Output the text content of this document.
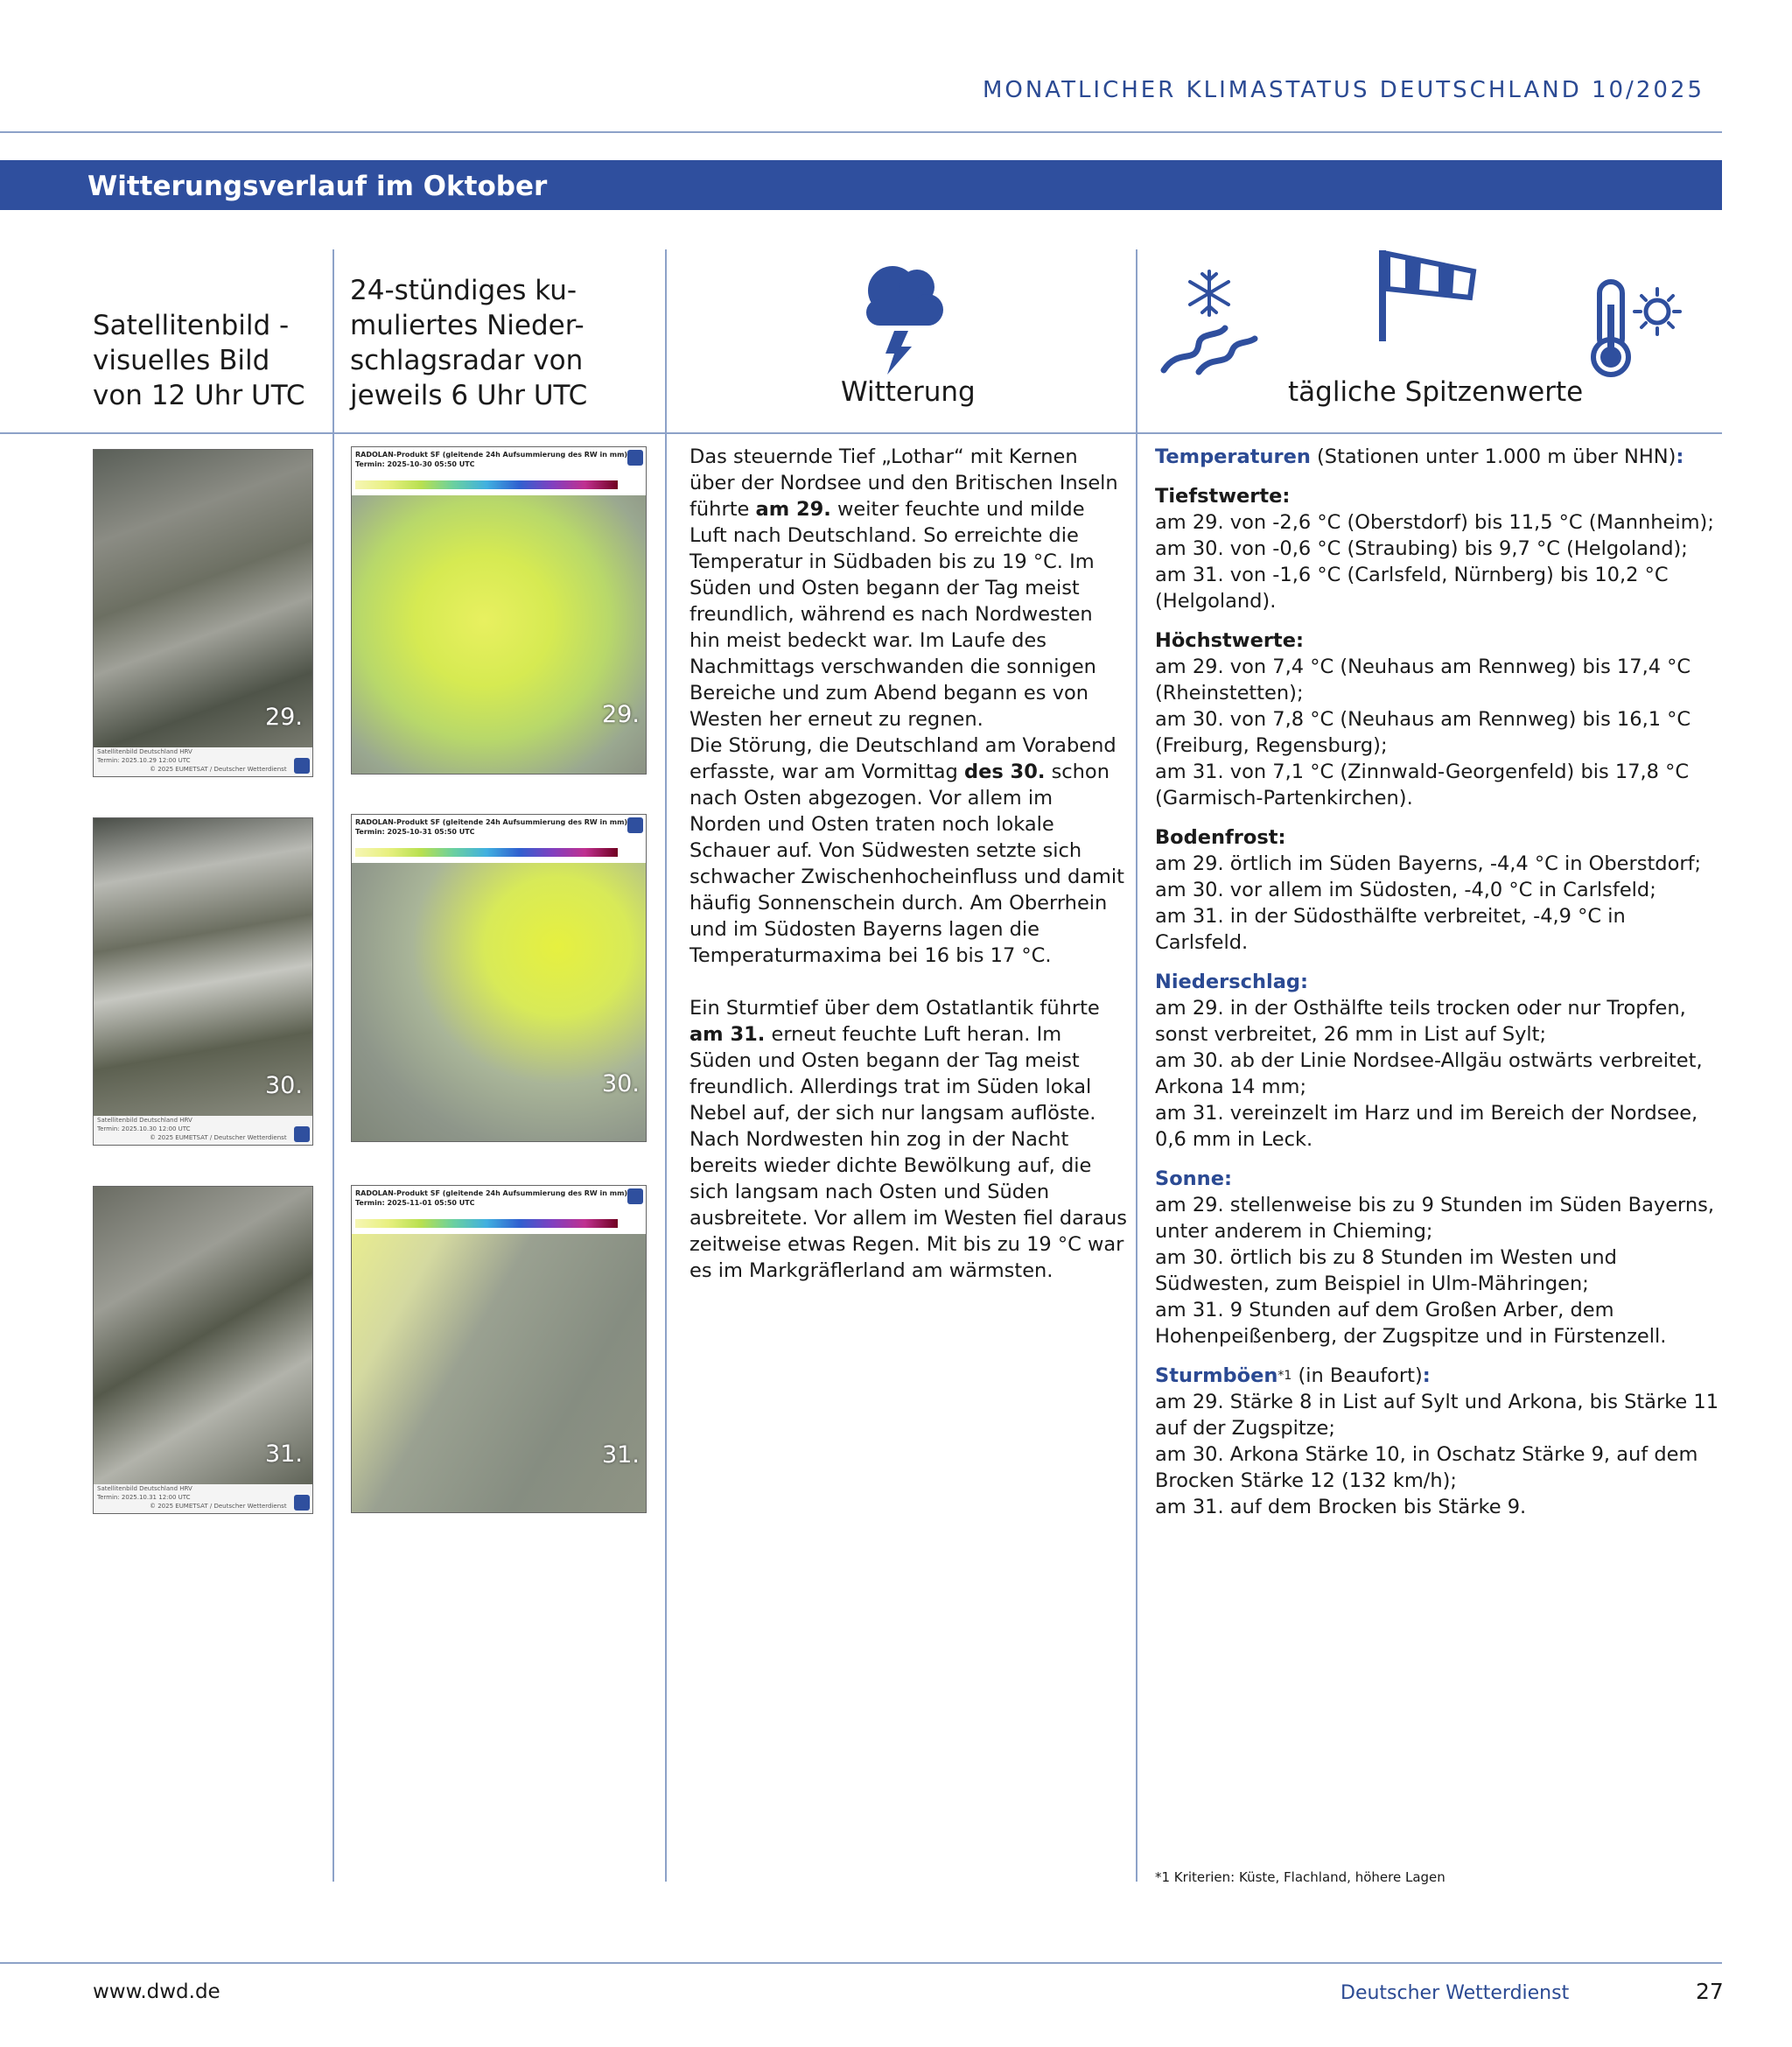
MONATLICHER KLIMASTATUS DEUTSCHLAND 10/2025
Witterungsverlauf im Oktober
Satellitenbild -
visuelles Bild
von 12 Uhr UTC
24-stündiges ku-
muliertes Nieder-
schlagsradar von
jeweils 6 Uhr UTC	Witterung	tägliche Spitzenwerte
29.
Satellitenbild Deutschland HRV
Termin: 2025.10.29 12:00 UTC
© 2025 EUMETSAT / Deutscher Wetterdienst
30.
Satellitenbild Deutschland HRV
Termin: 2025.10.30 12:00 UTC
© 2025 EUMETSAT / Deutscher Wetterdienst
31.
Satellitenbild Deutschland HRV
Termin: 2025.10.31 12:00 UTC
© 2025 EUMETSAT / Deutscher Wetterdienst
RADOLAN-Produkt SF (gleitende 24h Aufsummierung des RW in mm)
Termin: 2025-10-30 05:50 UTC
29.
RADOLAN-Produkt SF (gleitende 24h Aufsummierung des RW in mm)
Termin: 2025-10-31 05:50 UTC
30.
RADOLAN-Produkt SF (gleitende 24h Aufsummierung des RW in mm)
Termin: 2025-11-01 05:50 UTC
31.

Das steuernde Tief „Lothar“ mit Kernen über der Nordsee und den Britischen Inseln führte am 29. weiter feuchte und milde Luft nach Deutschland. So erreichte die Temperatur in Südbaden bis zu 19 °C. Im Süden und Osten begann der Tag meist freundlich, während es nach Nordwesten hin meist bedeckt war. Im Laufe des Nachmittags verschwanden die sonnigen Bereiche und zum Abend begann es von Westen her erneut zu regnen.

Die Störung, die Deutschland am Vorabend erfasste, war am Vormittag des 30. schon nach Osten abgezogen. Vor allem im Norden und Osten traten noch lokale Schauer auf. Von Südwesten setzte sich schwacher Zwischenhocheinfluss und damit häufig Sonnenschein durch. Am Oberrhein und im Südosten Bayerns lagen die Temperaturmaxima bei 16 bis 17 °C.

Ein Sturmtief über dem Ostatlantik führte am 31. erneut feuchte Luft heran. Im Süden und Osten begann der Tag meist freundlich. Allerdings trat im Süden lokal Nebel auf, der sich nur langsam auflöste. Nach Nordwesten hin zog in der Nacht bereits wieder dichte Bewölkung auf, die sich langsam nach Osten und Süden ausbreitete. Vor allem im Westen fiel daraus zeitweise etwas Regen. Mit bis zu 19 °C war es im Markgräflerland am wärmsten.

Temperaturen (Stationen unter 1.000 m über NHN):
Tiefstwerte:
am 29. von -2,6 °C (Oberstdorf) bis 11,5 °C (Mannheim);
am 30. von -0,6 °C (Straubing) bis 9,7 °C (Helgoland);
am 31. von -1,6 °C (Carlsfeld, Nürnberg) bis 10,2 °C (Helgoland).
Höchstwerte:
am 29. von 7,4 °C (Neuhaus am Rennweg) bis 17,4 °C (Rheinstetten);
am 30. von 7,8 °C (Neuhaus am Rennweg) bis 16,1 °C (Freiburg, Regensburg);
am 31. von 7,1 °C (Zinnwald-Georgenfeld) bis 17,8 °C (Garmisch-Partenkirchen).
Bodenfrost:
am 29. örtlich im Süden Bayerns, -4,4 °C in Oberstdorf;
am 30. vor allem im Südosten, -4,0 °C in Carlsfeld;
am 31. in der Südosthälfte verbreitet, -4,9 °C in Carlsfeld.
Niederschlag:
am 29. in der Osthälfte teils trocken oder nur Tropfen, sonst verbreitet, 26 mm in List auf Sylt;
am 30. ab der Linie Nordsee-Allgäu ostwärts verbreitet, Arkona 14 mm;
am 31. vereinzelt im Harz und im Bereich der Nordsee, 0,6 mm in Leck.
Sonne:
am 29. stellenweise bis zu 9 Stunden im Süden Bayerns, unter anderem in Chieming;
am 30. örtlich bis zu 8 Stunden im Westen und Südwesten, zum Beispiel in Ulm-Mähringen;
am 31. 9 Stunden auf dem Großen Arber, dem Hohenpeißenberg, der Zugspitze und in Fürstenzell.
Sturmböen$^{*1}$ (in Beaufort):
am 29. Stärke 8 in List auf Sylt und Arkona, bis Stärke 11 auf der Zugspitze;
am 30. Arkona Stärke 10, in Oschatz Stärke 9, auf dem Brocken Stärke 12 (132 km/h);
am 31. auf dem Brocken bis Stärke 9.
*1 Kriterien: Küste, Flachland, höhere Lagen
www.dwd.de	Deutscher Wetterdienst	27
